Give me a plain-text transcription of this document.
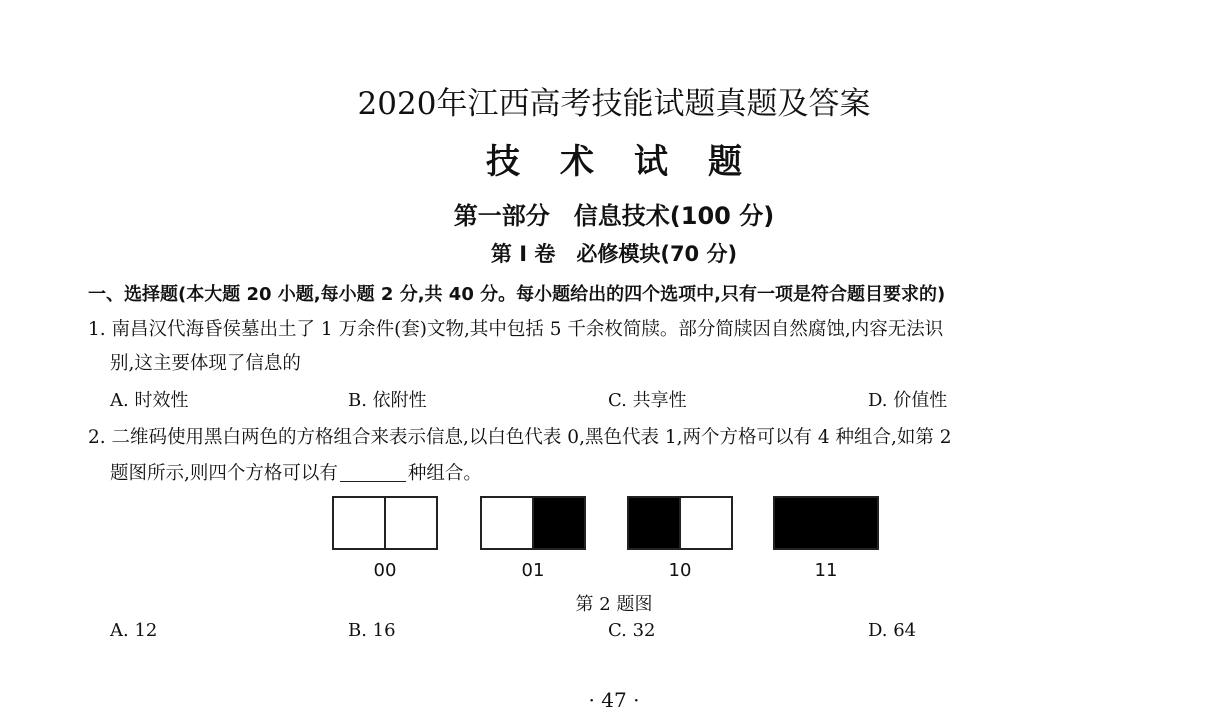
2020年江西高考技能试题真题及答案
技术试题
第一部分　信息技术(100 分)
第 I 卷　必修模块(70 分)
一、选择题(本大题 20 小题,每小题 2 分,共 40 分。每小题给出的四个选项中,只有一项是符合题目要求的)
1. 南昌汉代海昏侯墓出土了 1 万余件(套)文物,其中包括 5 千余枚简牍。部分简牍因自然腐蚀,内容无法识
别,这主要体现了信息的
A. 时效性	B. 依附性	C. 共享性	D. 价值性
2. 二维码使用黑白两色的方格组合来表示信息,以白色代表 0,黑色代表 1,两个方格可以有 4 种组合,如第 2
题图所示,则四个方格可以有	种组合。
00	01	10	11
第 2 题图
A. 12	B. 16	C. 32	D. 64
· 47 ·
